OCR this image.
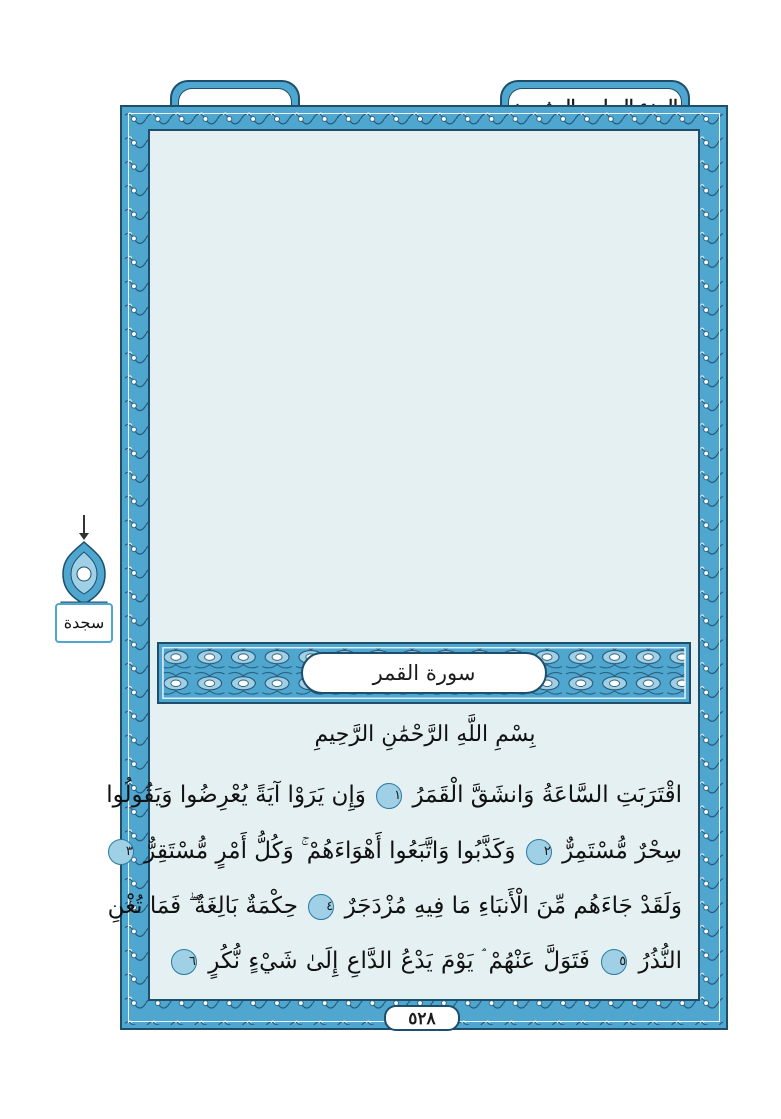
سورة القمر
بِسْمِ اللَّهِ الرَّحْمَٰنِ الرَّحِيمِ
اقْتَرَبَتِ السَّاعَةُ وَانشَقَّ الْقَمَرُ ١ وَإِن يَرَوْا آيَةً يُعْرِضُوا وَيَقُولُوا
سِحْرٌ مُّسْتَمِرٌّ ٢ وَكَذَّبُوا وَاتَّبَعُوا أَهْوَاءَهُمْ ۚ وَكُلُّ أَمْرٍ مُّسْتَقِرٌّ ٣
وَلَقَدْ جَاءَهُم مِّنَ الْأَنبَاءِ مَا فِيهِ مُزْدَجَرٌ ٤ حِكْمَةٌ بَالِغَةٌ ۖ فَمَا تُغْنِ
النُّذُرُ ٥ فَتَوَلَّ عَنْهُمْ ۘ يَوْمَ يَدْعُ الدَّاعِ إِلَىٰ شَيْءٍ نُّكُرٍ ٦
٥٢٨
سجدة
